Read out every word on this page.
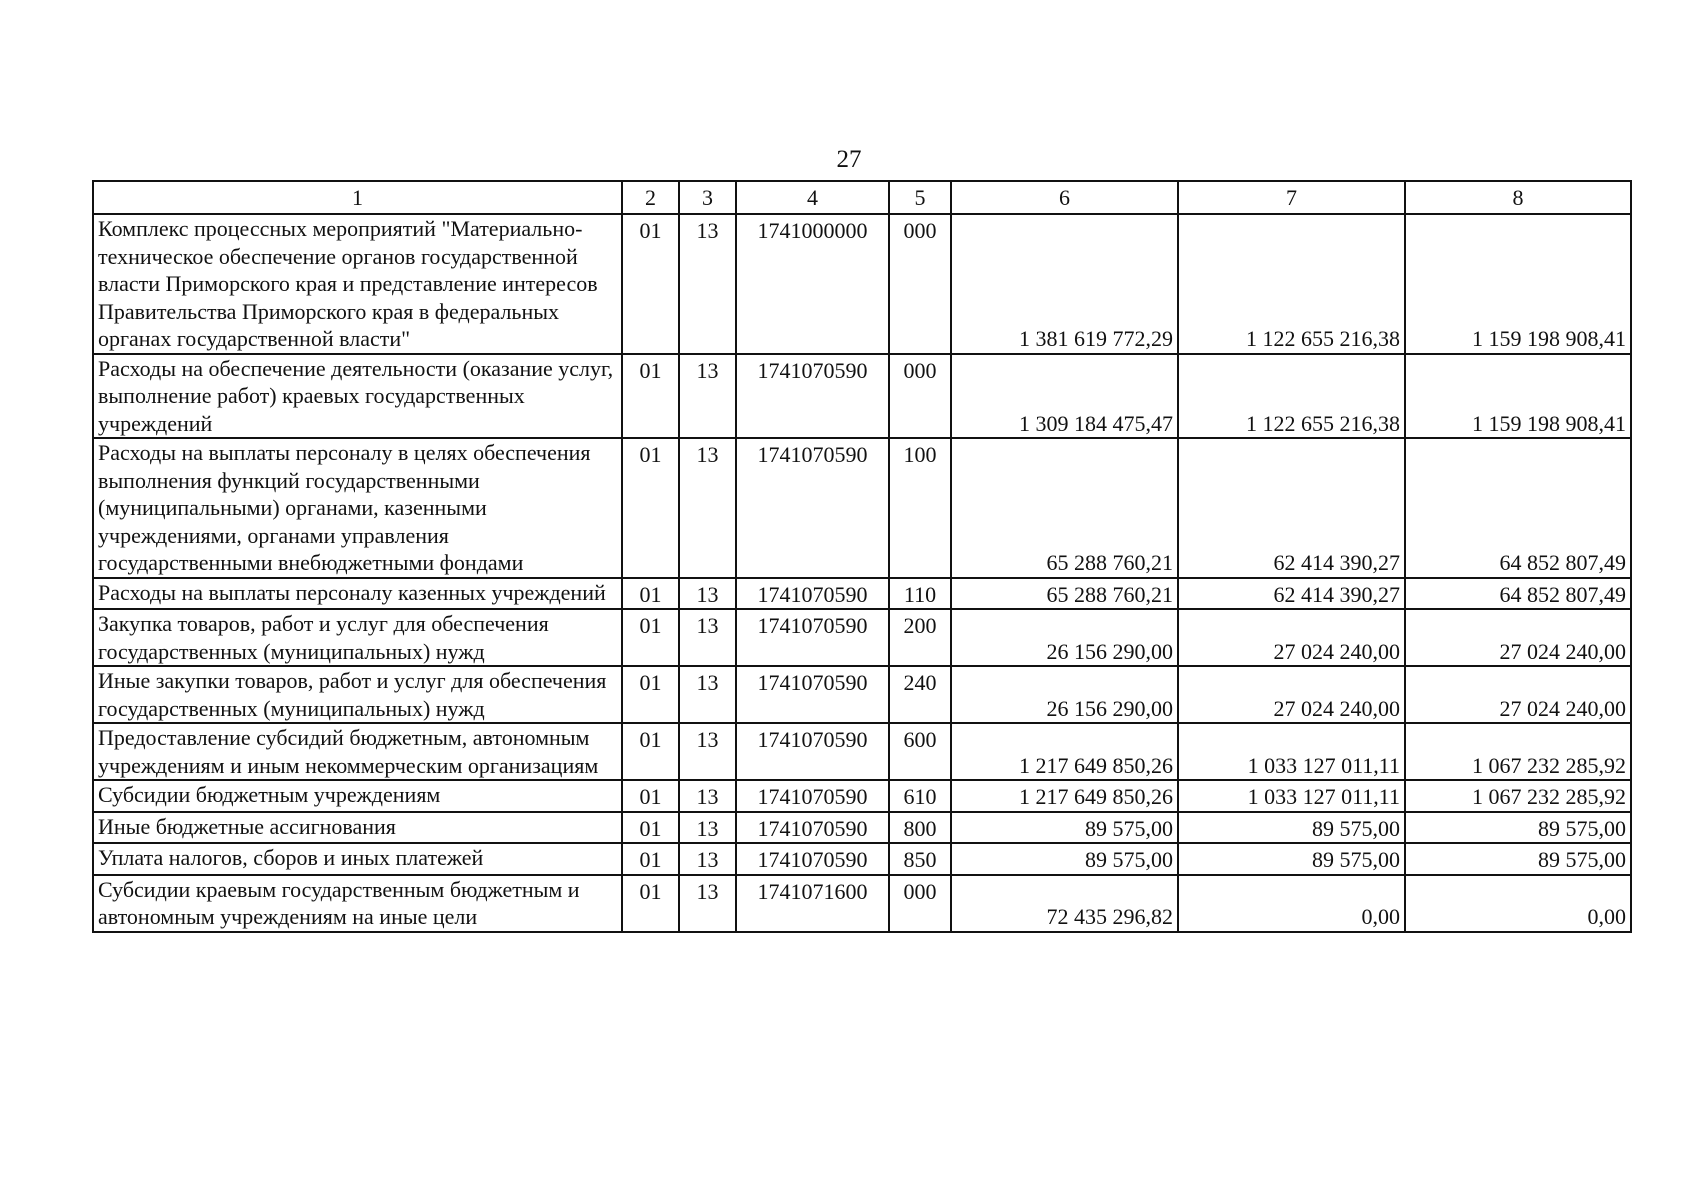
27
1	2	3	4	5	6	7	8
Комплекс процессных мероприятий "Материально-техническое обеспечение органов государственной власти Приморского края и представление интересов Правительства Приморского края в федеральных органах государственной власти"	01	13	1741000000	000	1 381 619 772,29	1 122 655 216,38	1 159 198 908,41
Расходы на обеспечение деятельности (оказание услуг, выполнение работ) краевых государственных учреждений	01	13	1741070590	000	1 309 184 475,47	1 122 655 216,38	1 159 198 908,41
Расходы на выплаты персоналу в целях обеспечения выполнения функций государственными (муниципальными) органами, казенными учреждениями, органами управления государственными внебюджетными фондами	01	13	1741070590	100	65 288 760,21	62 414 390,27	64 852 807,49
Расходы на выплаты персоналу казенных учреждений	01	13	1741070590	110	65 288 760,21	62 414 390,27	64 852 807,49
Закупка товаров, работ и услуг для обеспечения государственных (муниципальных) нужд	01	13	1741070590	200	26 156 290,00	27 024 240,00	27 024 240,00
Иные закупки товаров, работ и услуг для обеспечения государственных (муниципальных) нужд	01	13	1741070590	240	26 156 290,00	27 024 240,00	27 024 240,00
Предоставление субсидий бюджетным, автономным учреждениям и иным некоммерческим организациям	01	13	1741070590	600	1 217 649 850,26	1 033 127 011,11	1 067 232 285,92
Субсидии бюджетным учреждениям	01	13	1741070590	610	1 217 649 850,26	1 033 127 011,11	1 067 232 285,92
Иные бюджетные ассигнования	01	13	1741070590	800	89 575,00	89 575,00	89 575,00
Уплата налогов, сборов и иных платежей	01	13	1741070590	850	89 575,00	89 575,00	89 575,00
Субсидии краевым государственным бюджетным и автономным учреждениям на иные цели	01	13	1741071600	000	72 435 296,82	0,00	0,00
